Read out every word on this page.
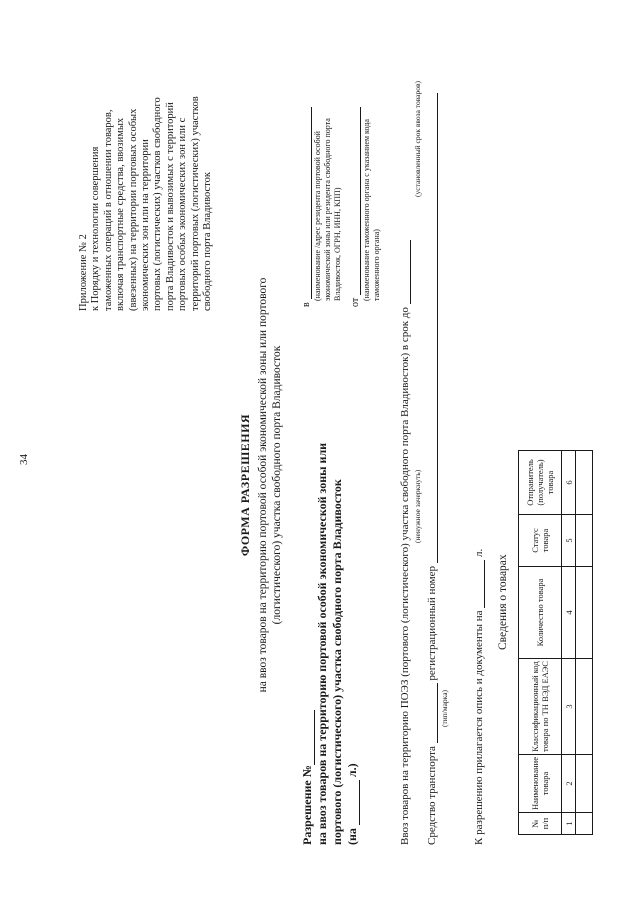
34
Приложение № 2 к Порядку и технологии совершения таможенных операций в отношении товаров, включая транспортные средства, ввозимых (ввезенных) на территории портовых особых экономических зон или на территории портовых (логистических) участков свободного порта Владивосток и вывозимых с территорий портовых особых экономических зон или с территорий портовых (логистических) участков свободного порта Владивосток
ФОРМА РАЗРЕШЕНИЯ на ввоз товаров на территорию портовой особой экономической зоны или портового (логистического) участка свободного порта Владивосток
Разрешение № на ввоз товаров на территорию портовой особой экономической зоны или портового (логистического) участка свободного порта Владивосток (на  л.)
в
(наименование /адрес резидента портовой особой экономической зоны или резидента свободного порта Владивосток, ОГРН, ИНН, КПП)
от
(наименование таможенного органа с указанием кода таможенного органа)
Ввоз товаров на территорию ПОЭЗ (портового (логистического) участка свободного порта Владивосток) в срок до (ненужное зачеркнуть)
(установленный срок ввоза товаров)
Средство транспорта  регистрационный номер
(тип/марка) К разрешению прилагается опись и документы на  л.
Сведения о товарах
№ п/п	Наименование товара	Классификационный код товара по ТН ВЭД ЕАЭС	Количество товара	Статус товара	Отправитель (получатель) товара
1	2	3	4	5	6
